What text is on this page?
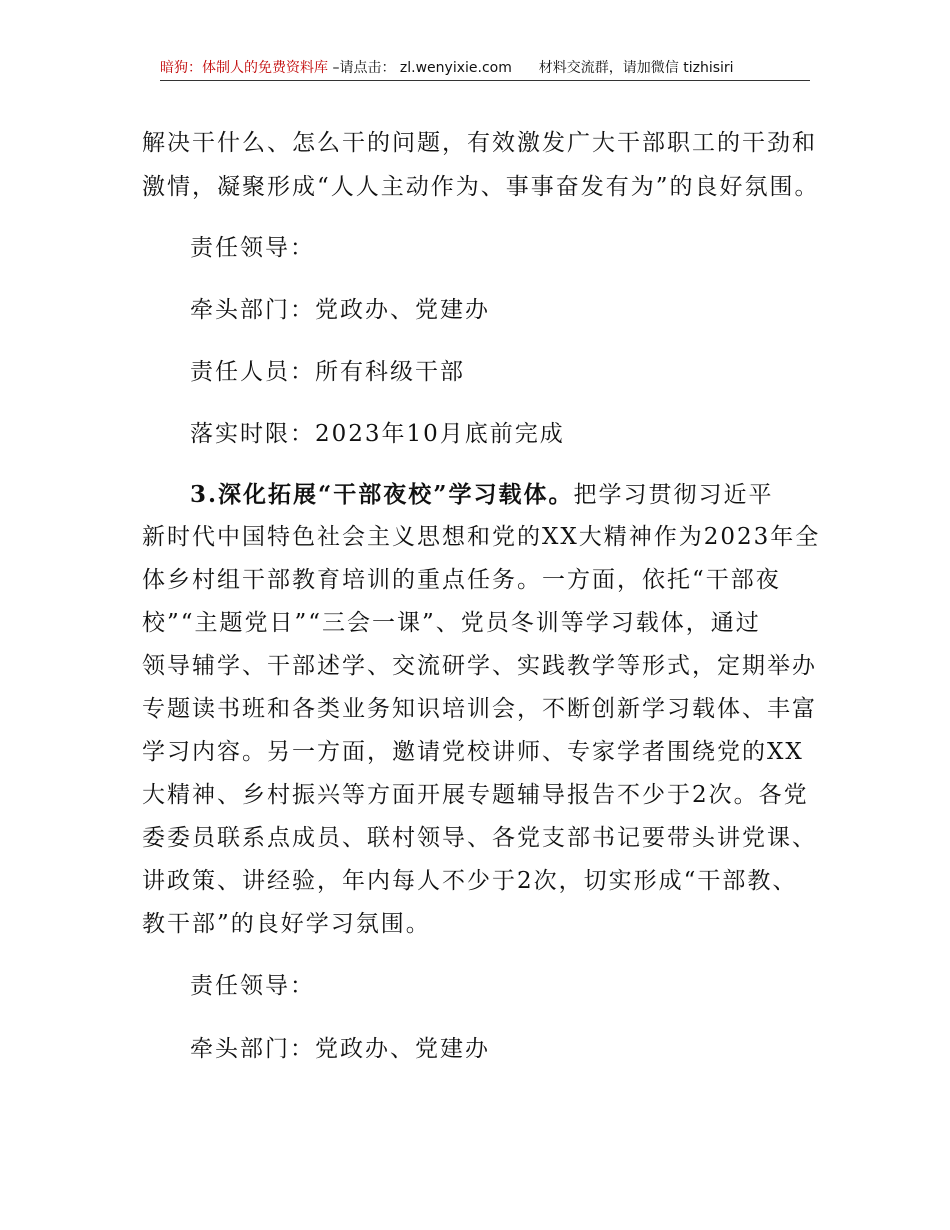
暗狗：体制人的免费资料库 –请点击： zl.wenyixie.com 材料交流群，请加微信 tizhisiri
解决干什么、怎么干的问题，有效激发广大干部职工的干劲和
激情，凝聚形成“人人主动作为、事事奋发有为”的良好氛围。
责任领导：
牵头部门：党政办、党建办
责任人员：所有科级干部
落实时限：2023年10月底前完成
3.深化拓展“干部夜校”学习载体。把学习贯彻习近平
新时代中国特色社会主义思想和党的XX大精神作为2023年全
体乡村组干部教育培训的重点任务。一方面，依托“干部夜
校”“主题党日”“三会一课”、党员冬训等学习载体，通过
领导辅学、干部述学、交流研学、实践教学等形式，定期举办
专题读书班和各类业务知识培训会，不断创新学习载体、丰富
学习内容。另一方面，邀请党校讲师、专家学者围绕党的XX
大精神、乡村振兴等方面开展专题辅导报告不少于2次。各党
委委员联系点成员、联村领导、各党支部书记要带头讲党课、
讲政策、讲经验，年内每人不少于2次，切实形成“干部教、
教干部”的良好学习氛围。
责任领导：
牵头部门：党政办、党建办
